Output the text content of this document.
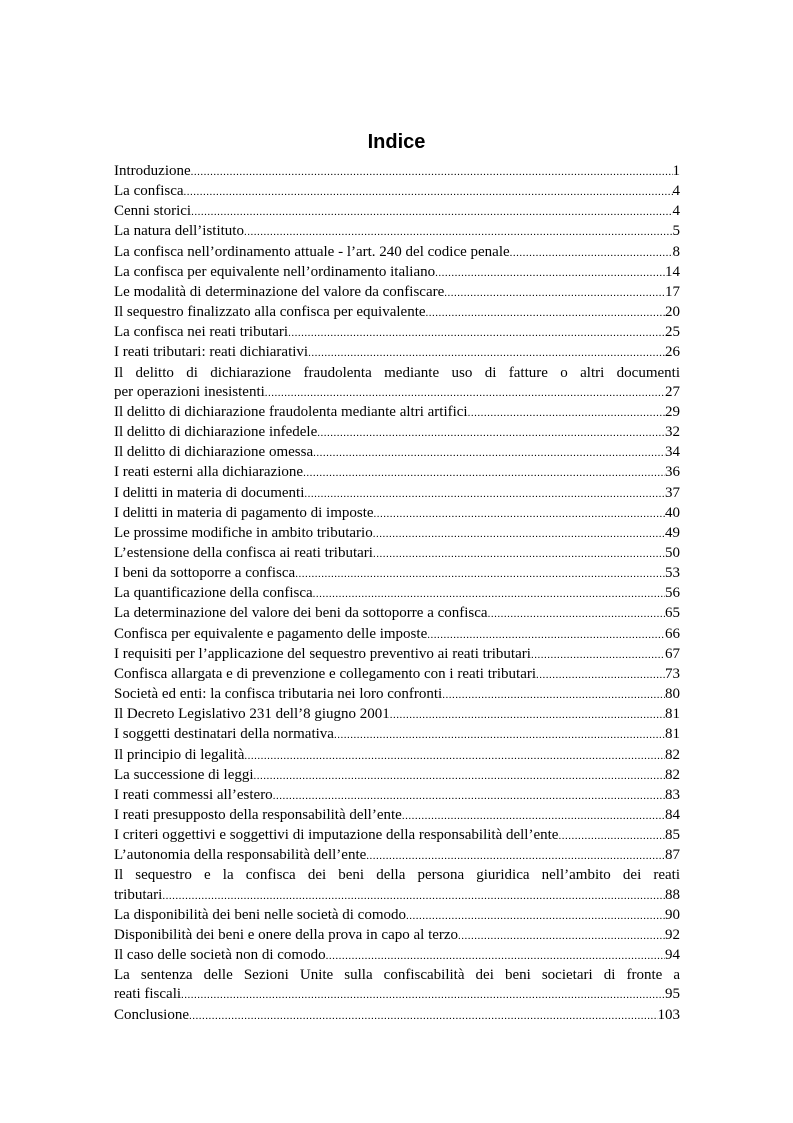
Indice
Introduzione .....	1
La confisca .....	4
Cenni storici .....	4
La natura dell’istituto .....	5
La confisca nell’ordinamento attuale - l’art. 240 del codice penale .....	8
La confisca per equivalente nell’ordinamento italiano .....	14
Le modalità di determinazione del valore da confiscare .....	17
Il sequestro finalizzato alla confisca per equivalente .....	20
La confisca nei reati tributari .....	25
I reati tributari: reati dichiarativi .....	26
Il delitto di dichiarazione fraudolenta mediante uso di fatture o altri documenti
per operazioni inesistenti .....	27
Il delitto di dichiarazione fraudolenta mediante altri artifici .....	29
Il delitto di dichiarazione infedele .....	32
Il delitto di dichiarazione omessa .....	34
I reati esterni alla dichiarazione .....	36
I delitti in materia di documenti .....	37
I delitti in materia di pagamento di imposte .....	40
Le prossime modifiche in ambito tributario .....	49
L’estensione della confisca ai reati tributari .....	50
I beni da sottoporre a confisca .....	53
La quantificazione della confisca .....	56
La determinazione del valore dei beni da sottoporre a confisca .....	65
Confisca per equivalente e pagamento delle imposte .....	66
I requisiti per l’applicazione del sequestro preventivo ai reati tributari .....	67
Confisca allargata e di prevenzione e collegamento con i reati tributari .....	73
Società ed enti: la confisca tributaria nei loro confronti .....	80
Il Decreto Legislativo 231 dell’8 giugno 2001 .....	81
I soggetti destinatari della normativa .....	81
Il principio di legalità .....	82
La successione di leggi .....	82
I reati commessi all’estero .....	83
I reati presupposto della responsabilità dell’ente .....	84
I criteri oggettivi e soggettivi di imputazione della responsabilità dell’ente .....	85
L’autonomia della responsabilità dell’ente .....	87
Il sequestro e la confisca dei beni della persona giuridica nell’ambito dei reati
tributari .....	88
La disponibilità dei beni nelle società di comodo .....	90
Disponibilità dei beni e onere della prova in capo al terzo .....	92
Il caso delle società non di comodo .....	94
La sentenza delle Sezioni Unite sulla confiscabilità dei beni societari di fronte a
reati fiscali .....	95
Conclusione .....	103
